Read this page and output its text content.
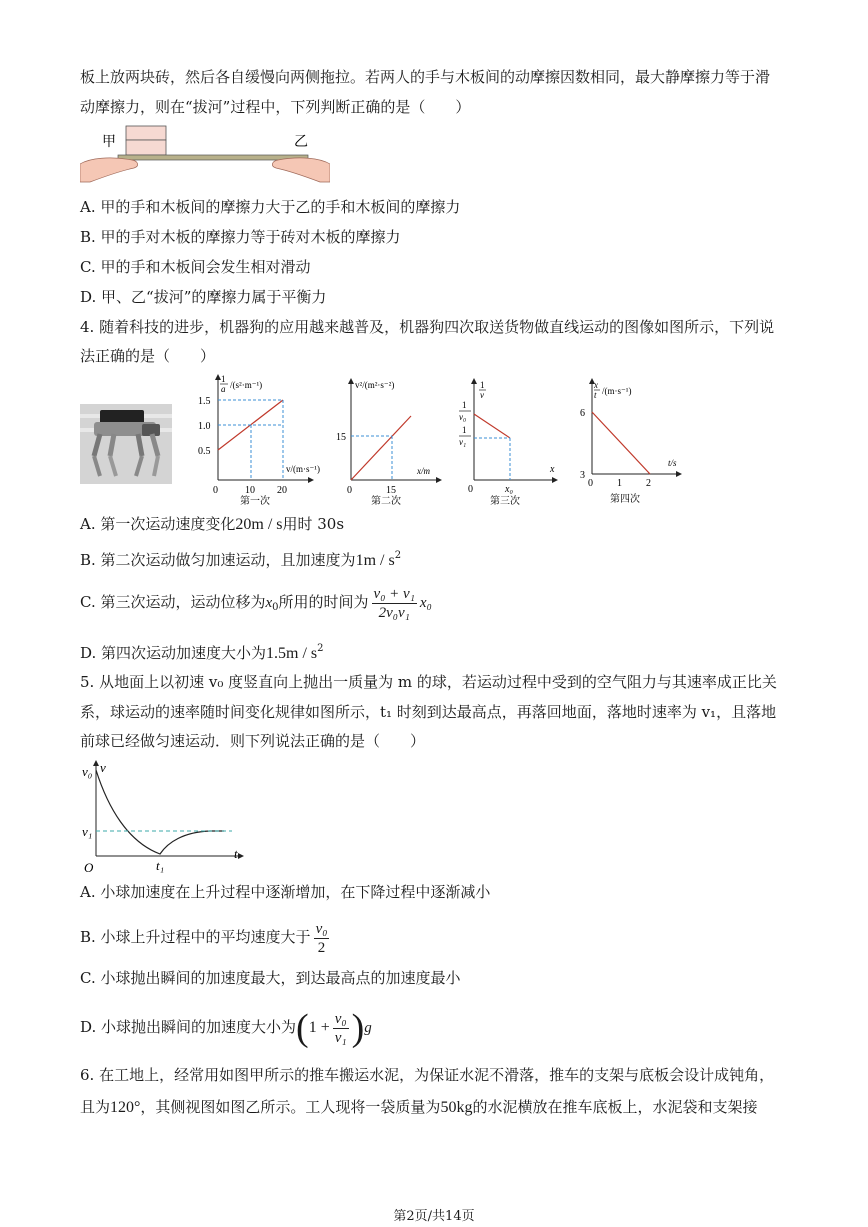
板上放两块砖，然后各自缓慢向两侧拖拉。若两人的手与木板间的动摩擦因数相同，最大静摩擦力等于滑
动摩擦力，则在“拔河”过程中，下列判断正确的是（　　）
甲	乙
A. 甲的手和木板间的摩擦力大于乙的手和木板间的摩擦力
B. 甲的手对木板的摩擦力等于砖对木板的摩擦力
C. 甲的手和木板间会发生相对滑动
D. 甲、乙“拔河”的摩擦力属于平衡力
4. 随着科技的进步，机器狗的应用越来越普及，机器狗四次取送货物做直线运动的图像如图所示，下列说
法正确的是（　　）
1
a /(s²·m⁻¹)
1.5
1.0
0.5
0	10 20
v/(m·s⁻¹)
第一次
v²/(m²·s⁻²)
15
0	15
x/m
第二次
1
v
1
v₀
1
v₁
0	x₀
x
第三次
x
t /(m·s⁻¹)
6
3
0 1 2
t/s
第四次
A. 第一次运动速度变化20m / s用时 30s
B. 第二次运动做匀加速运动，且加速度为$1m / s^2$
C. 第三次运动，运动位移为$x_0$所用的时间为 $\frac{\text{v₀ + v₁}}{\text{2v₀v₁}} x_0$
D. 第四次运动加速度大小为$1.5m / s^2$
5. 从地面上以初速 v₀ 度竖直向上抛出一质量为 m 的球，若运动过程中受到的空气阻力与其速率成正比关
系，球运动的速率随时间变化规律如图所示，t₁ 时刻到达最高点，再落回地面，落地时速率为 v₁，且落地
前球已经做匀速运动．则下列说法正确的是（　　）
v₀ v
v₁
O	t₁
t
A. 小球加速度在上升过程中逐渐增加，在下降过程中逐渐减小
B. 小球上升过程中的平均速度大于 $\frac{\text{v₀}}{2}$
C. 小球抛出瞬间的加速度最大，到达最高点的加速度最小
D. 小球抛出瞬间的加速度大小为$(1 + \frac{\text{v₀}}{\text{v₁}} )g$
6. 在工地上，经常用如图甲所示的推车搬运水泥，为保证水泥不滑落，推车的支架与底板会设计成钝角，
且为120°，其侧视图如图乙所示。工人现将一袋质量为50kg的水泥横放在推车底板上，水泥袋和支架接
第2页/共14页
